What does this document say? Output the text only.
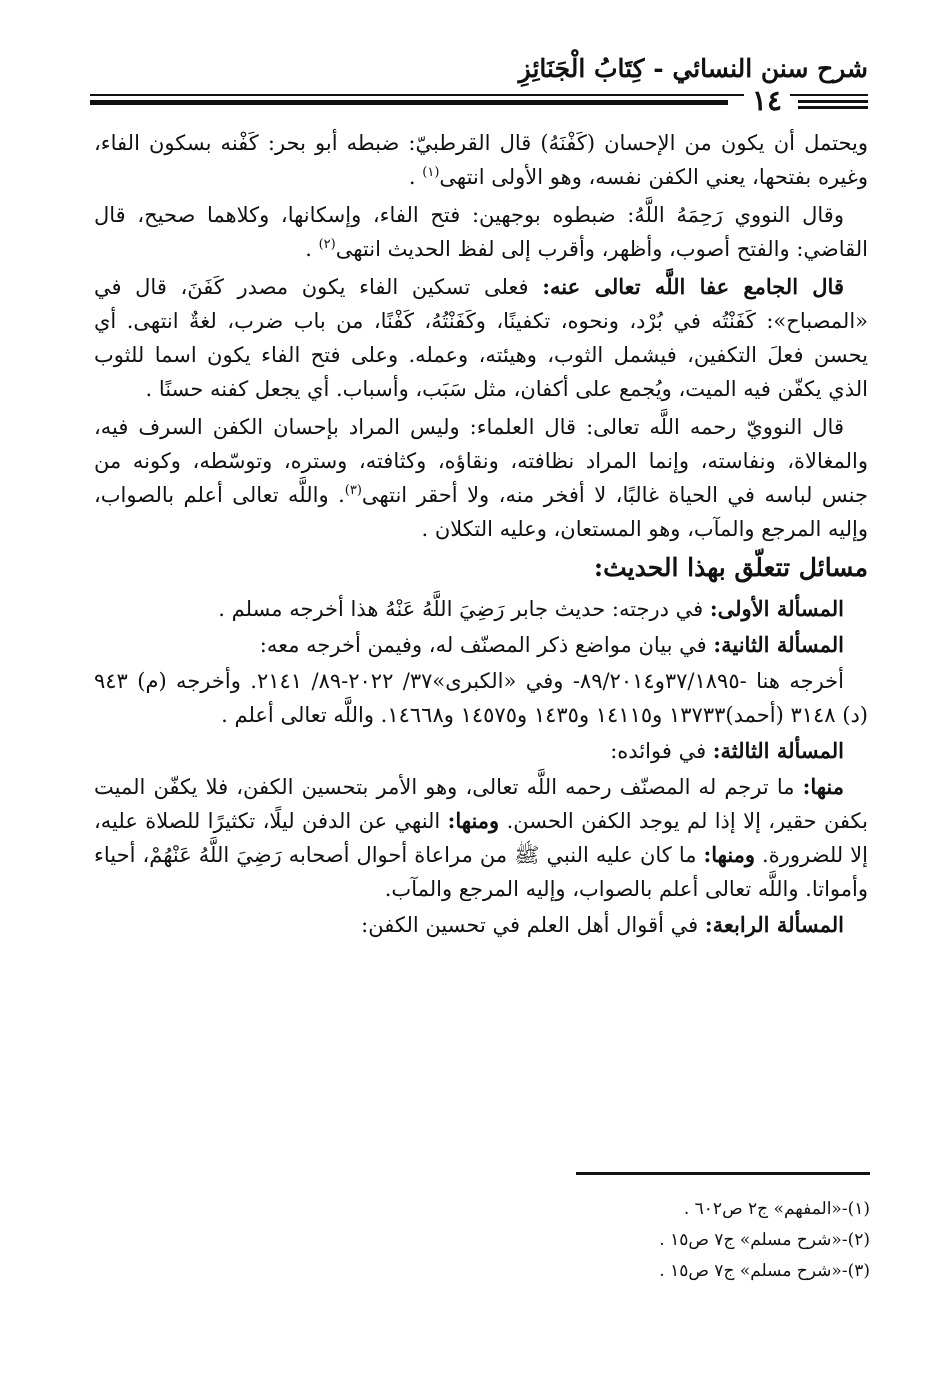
شرح سنن النسائي - كِتَابُ الْجَنَائِزِ
١٤

ويحتمل أن يكون من الإحسان (كَفْنَهُ) قال القرطبيّ: ضبطه أبو بحر: كَفْنه بسكون الفاء، وغيره بفتحها، يعني الكفن نفسه، وهو الأولى انتهى$^{(١)}$ .

وقال النووي رَحِمَهُ اللَّهُ: ضبطوه بوجهين: فتح الفاء، وإسكانها، وكلاهما صحيح، قال القاضي: والفتح أصوب، وأظهر، وأقرب إلى لفظ الحديث انتهى$^{(٢)}$ .

قال الجامع عفا اللَّه تعالى عنه: فعلى تسكين الفاء يكون مصدر كَفَنَ، قال في «المصباح»: كَفَنْتُه في بُرْد، ونحوه، تكفينًا، وكَفَنْتُهُ، كَفْنًا، من باب ضرب، لغةٌ انتهى. أي يحسن فعلَ التكفين، فيشمل الثوب، وهيئته، وعمله. وعلى فتح الفاء يكون اسما للثوب الذي يكفّن فيه الميت، ويُجمع على أكفان، مثل سَبَب، وأسباب. أي يجعل كفنه حسنًا .

قال النوويّ رحمه اللَّه تعالى: قال العلماء: وليس المراد بإحسان الكفن السرف فيه، والمغالاة، ونفاسته، وإنما المراد نظافته، ونقاؤه، وكثافته، وستره، وتوسّطه، وكونه من جنس لباسه في الحياة غالبًا، لا أفخر منه، ولا أحقر انتهى$^{(٣)}$. واللَّه تعالى أعلم بالصواب، وإليه المرجع والمآب، وهو المستعان، وعليه التكلان .

مسائل تتعلّق بهذا الحديث:

المسألة الأولى: في درجته: حديث جابر رَضِيَ اللَّهُ عَنْهُ هذا أخرجه مسلم .

المسألة الثانية: في بيان مواضع ذكر المصنّف له، وفيمن أخرجه معه:

أخرجه هنا -٣٧/١٨٩٥و٨٩/٢٠١٤- وفي «الكبرى»٣٧/ ٢٠٢٢-٨٩/ ٢١٤١. وأخرجه (م) ٩٤٣ (د) ٣١٤٨ (أحمد)١٣٧٣٣ و١٤١١٥ و١٤٣٥ و١٤٥٧٥ و١٤٦٦٨. واللَّه تعالى أعلم .

المسألة الثالثة: في فوائده:

منها: ما ترجم له المصنّف رحمه اللَّه تعالى، وهو الأمر بتحسين الكفن، فلا يكفّن الميت بكفن حقير، إلا إذا لم يوجد الكفن الحسن. ومنها: النهي عن الدفن ليلًا، تكثيرًا للصلاة عليه، إلا للضرورة. ومنها: ما كان عليه النبي ﷺ من مراعاة أحوال أصحابه رَضِيَ اللَّهُ عَنْهُمْ، أحياء وأمواتا. واللَّه تعالى أعلم بالصواب، وإليه المرجع والمآب.

المسألة الرابعة: في أقوال أهل العلم في تحسين الكفن:

(١)-«المفهم» ج٢ ص٦٠٢ .
(٢)-«شرح مسلم» ج٧ ص١٥ .
(٣)-«شرح مسلم» ج٧ ص١٥ .
